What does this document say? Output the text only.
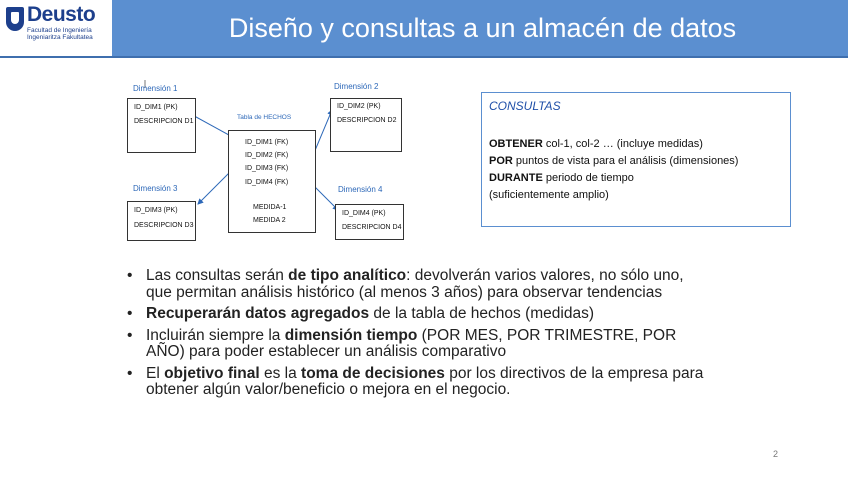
Deusto
Facultad de Ingeniería Ingeniaritza Fakultatea	Diseño y consultas a un almacén de datos
Dimensión 1
ID_DIM1 (PK)
DESCRIPCION D1
Dimensión 2
ID_DIM2 (PK)
DESCRIPCION D2
Tabla de HECHOS
ID_DIM1 (FK)
ID_DIM2 (FK)
ID_DIM3 (FK)
ID_DIM4 (FK)
MEDIDA-1
MEDIDA 2
Dimensión 3
ID_DIM3 (PK)
DESCRIPCION D3
Dimensión 4
ID_DIM4 (PK)
DESCRIPCION D4
CONSULTAS
OBTENER col-1, col-2 … (incluye medidas)
POR puntos de vista para el análisis (dimensiones)
DURANTE periodo de tiempo
(suficientemente amplio)
• Las consultas serán de tipo analítico: devolverán varios valores, no sólo uno, que permitan análisis histórico (al menos 3 años) para observar tendencias
• Recuperarán datos agregados de la tabla de hechos (medidas)
• Incluirán siempre la dimensión tiempo (POR MES, POR TRIMESTRE, POR AÑO) para poder establecer un análisis comparativo
• El objetivo final es la toma de decisiones por los directivos de la empresa para obtener algún valor/beneficio o mejora en el negocio.
2
